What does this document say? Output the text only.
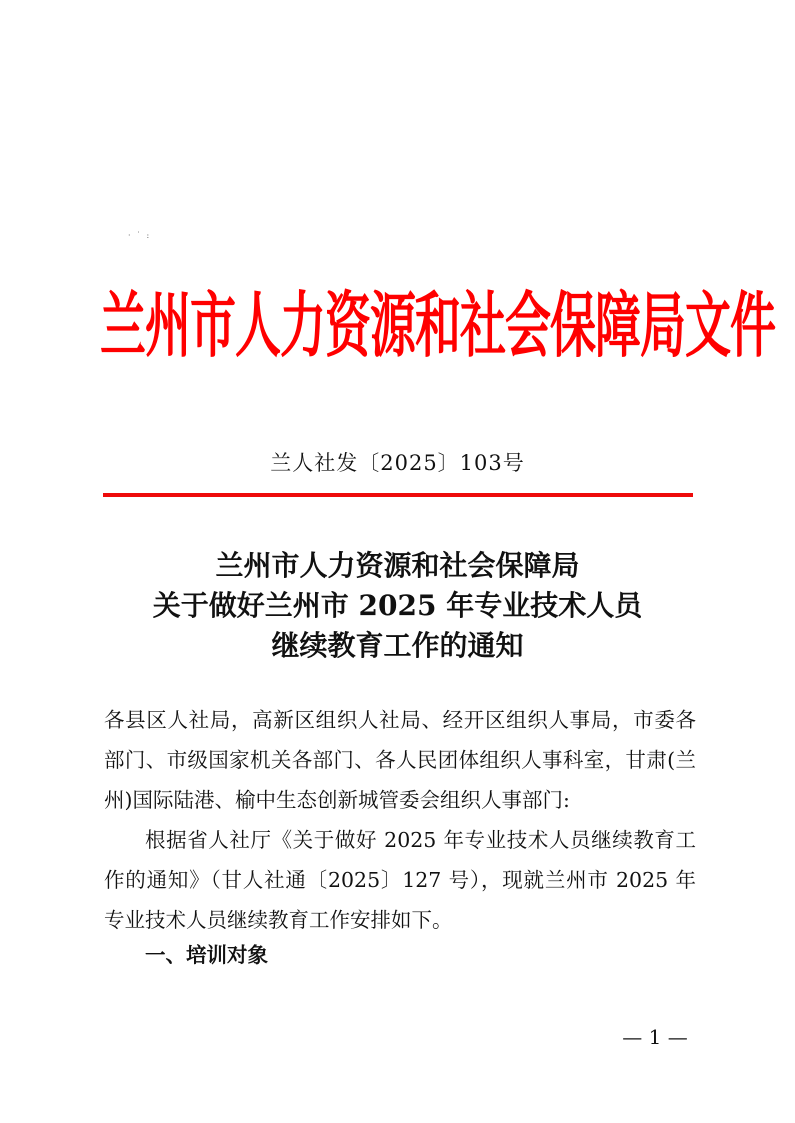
·˙:
兰州市人力资源和社会保障局文件
兰人社发〔2025〕103号
兰州市人力资源和社会保障局
关于做好兰州市 2025 年专业技术人员
继续教育工作的通知

各县区人社局，高新区组织人社局、经开区组织人事局，市委各部门、市级国家机关各部门、各人民团体组织人事科室，甘肃(兰州)国际陆港、榆中生态创新城管委会组织人事部门:

根据省人社厅《关于做好 2025 年专业技术人员继续教育工作的通知》（甘人社通〔2025〕127 号），现就兰州市 2025 年专业技术人员继续教育工作安排如下。

一、培训对象
— 1 —
